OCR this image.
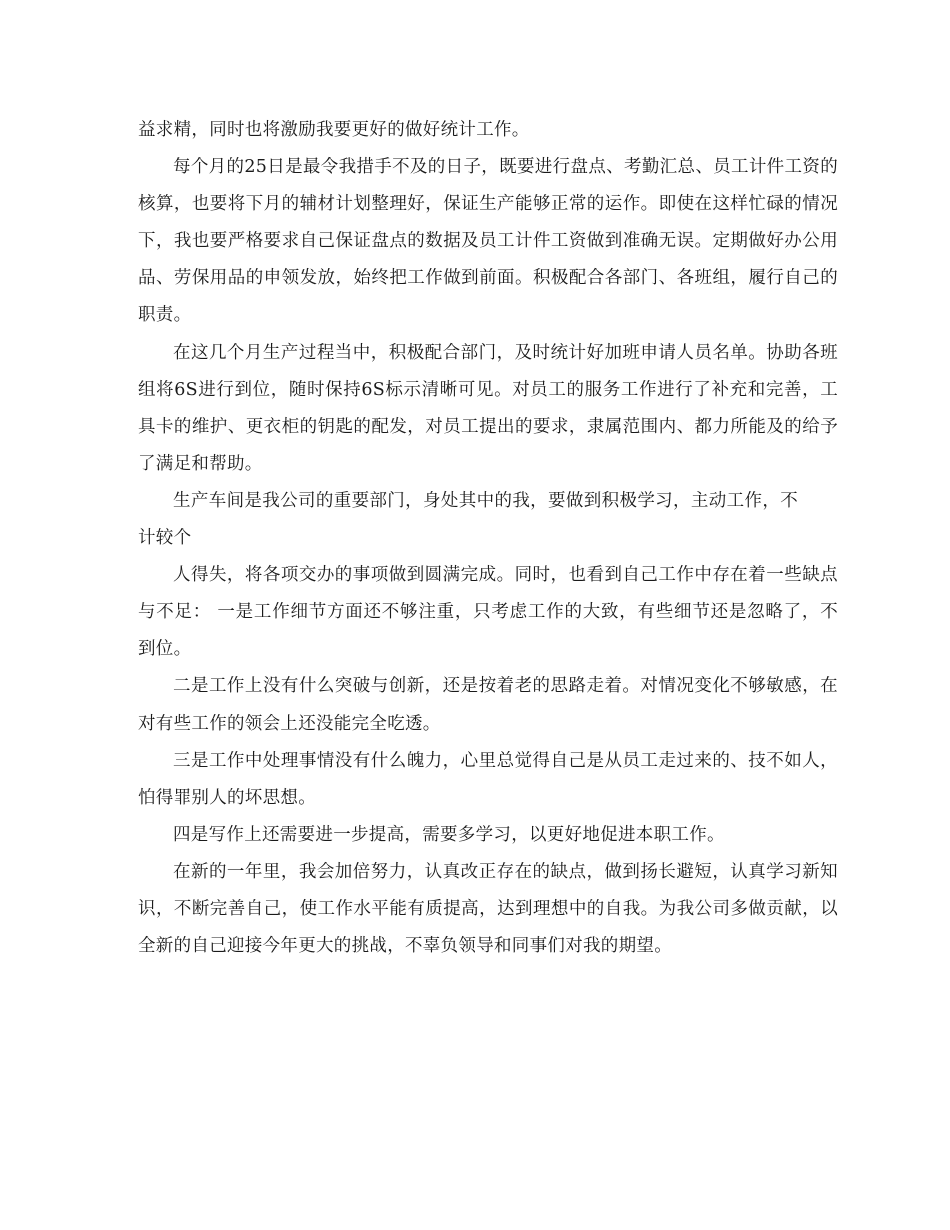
益求精，同时也将激励我要更好的做好统计工作。

每个月的25日是最令我措手不及的日子，既要进行盘点、考勤汇总、员工计件工资的核算，也要将下月的辅材计划整理好，保证生产能够正常的运作。即使在这样忙碌的情况下，我也要严格要求自己保证盘点的数据及员工计件工资做到准确无误。定期做好办公用品、劳保用品的申领发放，始终把工作做到前面。积极配合各部门、各班组，履行自己的职责。

在这几个月生产过程当中，积极配合部门，及时统计好加班申请人员名单。协助各班组将6S进行到位，随时保持6S标示清晰可见。对员工的服务工作进行了补充和完善，工具卡的维护、更衣柜的钥匙的配发，对员工提出的要求，隶属范围内、都力所能及的给予了满足和帮助。

生产车间是我公司的重要部门，身处其中的我，要做到积极学习，主动工作，不计较个

人得失，将各项交办的事项做到圆满完成。同时，也看到自己工作中存在着一些缺点与不足： 一是工作细节方面还不够注重，只考虑工作的大致，有些细节还是忽略了，不到位。

二是工作上没有什么突破与创新，还是按着老的思路走着。对情况变化不够敏感，在对有些工作的领会上还没能完全吃透。

三是工作中处理事情没有什么魄力，心里总觉得自己是从员工走过来的、技不如人，怕得罪别人的坏思想。

四是写作上还需要进一步提高，需要多学习，以更好地促进本职工作。

在新的一年里，我会加倍努力，认真改正存在的缺点，做到扬长避短，认真学习新知识，不断完善自己，使工作水平能有质提高，达到理想中的自我。为我公司多做贡献，以全新的自己迎接今年更大的挑战，不辜负领导和同事们对我的期望。
